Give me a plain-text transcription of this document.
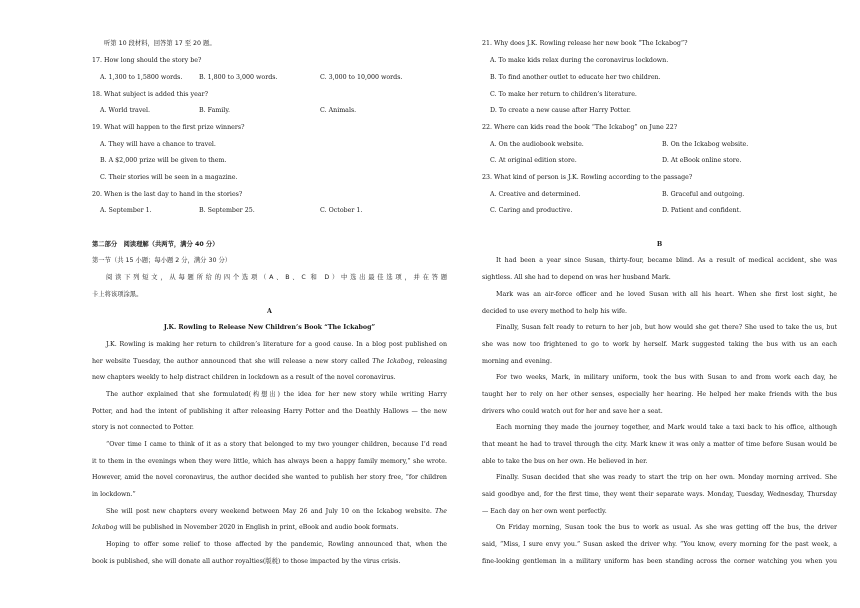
听第 10 段材料，回答第 17 至 20 题。
17. How long should the story be?
A. 1,300 to 1,5800 words.	B. 1,800 to 3,000 words.	C. 3,000 to 10,000 words.
18. What subject is added this year?
A. World travel.	B. Family.	C. Animals.
19. What will happen to the first prize winners?
A. They will have a chance to travel.
B. A $2,000 prize will be given to them.
C. Their stories will be seen in a magazine.
20. When is the last day to hand in the stories?
A. September 1.	B. September 25.	C. October 1.
第二部分　阅读理解（共两节，满分 40 分）
第一节（共 15 小题；每小题 2 分，满分 30 分）
阅读下列短文，从每题所给的四个选项（A、B、C 和 D）中选出最佳选项，并在答题
卡上将该项涂黑。
A
J.K. Rowling to Release New Children’s Book “The Ickabog”
J.K. Rowling is making her return to children’s literature for a good cause. In a blog post published on
her website Tuesday, the author announced that she will release a new story called The Ickabog, releasing
new chapters weekly to help distract children in lockdown as a result of the novel coronavirus.
The author explained that she formulated(构想出) the idea for her new story while writing Harry
Potter, and had the intent of publishing it after releasing Harry Potter and the Deathly Hallows — the new
story is not connected to Potter.
“Over time I came to think of it as a story that belonged to my two younger children, because I’d read
it to them in the evenings when they were little, which has always been a happy family memory,” she wrote.
However, amid the novel coronavirus, the author decided she wanted to publish her story free, “for children
in lockdown.”
She will post new chapters every weekend between May 26 and July 10 on the Ickabog website. The
Ickabog will be published in November 2020 in English in print, eBook and audio book formats.
Hoping to offer some relief to those affected by the pandemic, Rowling announced that, when the
book is published, she will donate all author royalties(版税) to those impacted by the virus crisis.
21. Why does J.K. Rowling release her new book “The Ickabog”?
A. To make kids relax during the coronavirus lockdown.
B. To find another outlet to educate her two children.
C. To make her return to children’s literature.
D. To create a new cause after Harry Potter.
22. Where can kids read the book “The Ickabog” on June 22?
A. On the audiobook website.	B. On the Ickabog website.
C. At original edition store.	D. At eBook online store.
23. What kind of person is J.K. Rowling according to the passage?
A. Creative and determined.	B. Graceful and outgoing.
C. Caring and productive.	D. Patient and confident.
B
It had been a year since Susan, thirty-four, became blind. As a result of medical accident, she was
sightless. All she had to depend on was her husband Mark.
Mark was an air-force officer and he loved Susan with all his heart. When she first lost sight, he
decided to use every method to help his wife.
Finally, Susan felt ready to return to her job, but how would she get there? She used to take the us, but
she was now too frightened to go to work by herself. Mark suggested taking the bus with us an each
morning and evening.
For two weeks, Mark, in military uniform, took the bus with Susan to and from work each day, he
taught her to rely on her other senses, especially her hearing. He helped her make friends with the bus
drivers who could watch out for her and save her a seat.
Each morning they made the journey together, and Mark would take a taxi back to his office, although
that meant he had to travel through the city. Mark knew it was only a matter of time before Susan would be
able to take the bus on her own. He believed in her.
Finally. Susan decided that she was ready to start the trip on her own. Monday morning arrived. She
said goodbye and, for the first time, they went their separate ways. Monday, Tuesday, Wednesday, Thursday
— Each day on her own went perfectly.
On Friday morning, Susan took the bus to work as usual. As she was getting off the bus, the driver
said, “Miss, I sure envy you.” Susan asked the driver why. “You know, every morning for the past week, a
fine-looking gentleman in a military uniform has been standing across the corner watching you when you
